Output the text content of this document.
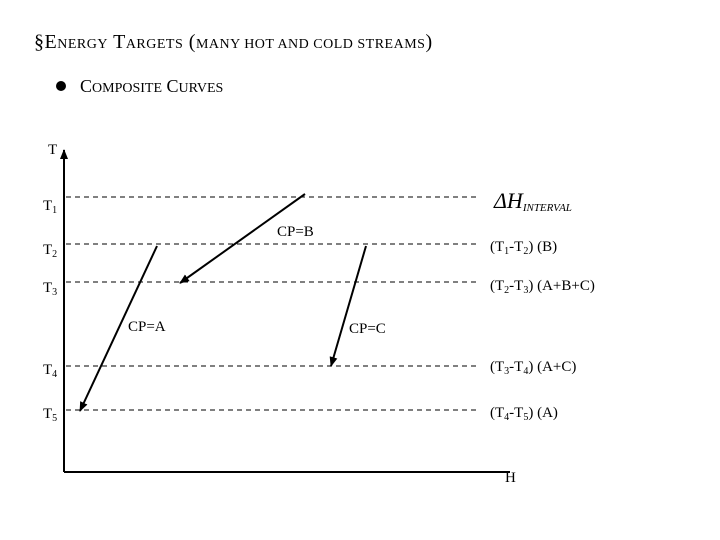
§ENERGY TARGETS (MANY HOT AND COLD STREAMS)
COMPOSITE CURVES
T
H
$T_1$
$T_2$
$T_3$
$T_4$
$T_5$
ΔHINTERVAL
$(T_1-T_2)$ (B)
$(T_2-T_3)$ (A+B+C)
$(T_3-T_4)$ (A+C)
$(T_4-T_5)$ (A)
CP=A
CP=B
CP=C
